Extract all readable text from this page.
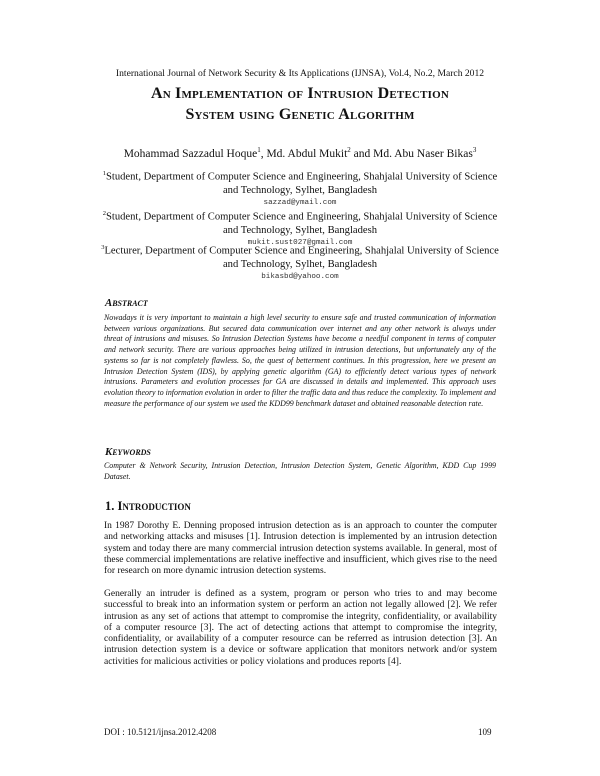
International Journal of Network Security & Its Applications (IJNSA), Vol.4, No.2, March 2012
An Implementation of Intrusion Detection
System using Genetic Algorithm
Mohammad Sazzadul Hoque$^1$, Md. Abdul Mukit$^2$ and Md. Abu Naser Bikas$^3$
$^1$Student, Department of Computer Science and Engineering, Shahjalal University of Science and Technology, Sylhet, Bangladesh
sazzad@ymail.com
$^2$Student, Department of Computer Science and Engineering, Shahjalal University of Science and Technology, Sylhet, Bangladesh
mukit.sust027@gmail.com
$^3$Lecturer, Department of Computer Science and Engineering, Shahjalal University of Science and Technology, Sylhet, Bangladesh
bikasbd@yahoo.com
Abstract
Nowadays it is very important to maintain a high level security to ensure safe and trusted communication of information between various organizations. But secured data communication over internet and any other network is always under threat of intrusions and misuses. So Intrusion Detection Systems have become a needful component in terms of computer and network security. There are various approaches being utilized in intrusion detections, but unfortunately any of the systems so far is not completely flawless. So, the quest of betterment continues. In this progression, here we present an Intrusion Detection System (IDS), by applying genetic algorithm (GA) to efficiently detect various types of network intrusions. Parameters and evolution processes for GA are discussed in details and implemented. This approach uses evolution theory to information evolution in order to filter the traffic data and thus reduce the complexity. To implement and measure the performance of our system we used the KDD99 benchmark dataset and obtained reasonable detection rate.
Keywords
Computer & Network Security, Intrusion Detection, Intrusion Detection System, Genetic Algorithm, KDD Cup 1999 Dataset.
1. Introduction
In 1987 Dorothy E. Denning proposed intrusion detection as is an approach to counter the computer and networking attacks and misuses [1]. Intrusion detection is implemented by an intrusion detection system and today there are many commercial intrusion detection systems available. In general, most of these commercial implementations are relative ineffective and insufficient, which gives rise to the need for research on more dynamic intrusion detection systems.
Generally an intruder is defined as a system, program or person who tries to and may become successful to break into an information system or perform an action not legally allowed [2]. We refer intrusion as any set of actions that attempt to compromise the integrity, confidentiality, or availability of a computer resource [3]. The act of detecting actions that attempt to compromise the integrity, confidentiality, or availability of a computer resource can be referred as intrusion detection [3]. An intrusion detection system is a device or software application that monitors network and/or system activities for malicious activities or policy violations and produces reports [4].
DOI : 10.5121/ijnsa.2012.4208	109
